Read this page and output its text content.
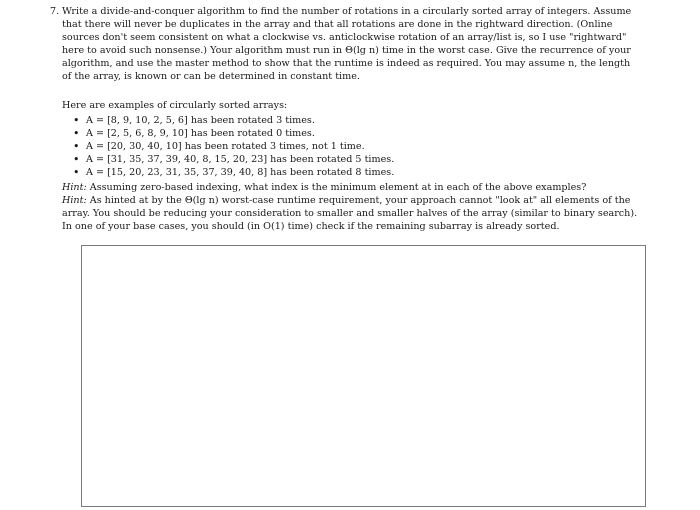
7. Write a divide-and-conquer algorithm to find the number of rotations in a circularly sorted array of integers. Assume
that there will never be duplicates in the array and that all rotations are done in the rightward direction. (Online
sources don't seem consistent on what a clockwise vs. anticlockwise rotation of an array/list is, so I use "rightward"
here to avoid such nonsense.) Your algorithm must run in Θ(lg n) time in the worst case. Give the recurrence of your
algorithm, and use the master method to show that the runtime is indeed as required. You may assume n, the length
of the array, is known or can be determined in constant time.
Here are examples of circularly sorted arrays:
• A = [8, 9, 10, 2, 5, 6] has been rotated 3 times.
• A = [2, 5, 6, 8, 9, 10] has been rotated 0 times.
• A = [20, 30, 40, 10] has been rotated 3 times, not 1 time.
• A = [31, 35, 37, 39, 40, 8, 15, 20, 23] has been rotated 5 times.
• A = [15, 20, 23, 31, 35, 37, 39, 40, 8] has been rotated 8 times.
Hint: Assuming zero-based indexing, what index is the minimum element at in each of the above examples?
Hint: As hinted at by the Θ(lg n) worst-case runtime requirement, your approach cannot "look at" all elements of the
array. You should be reducing your consideration to smaller and smaller halves of the array (similar to binary search).
In one of your base cases, you should (in O(1) time) check if the remaining subarray is already sorted.
